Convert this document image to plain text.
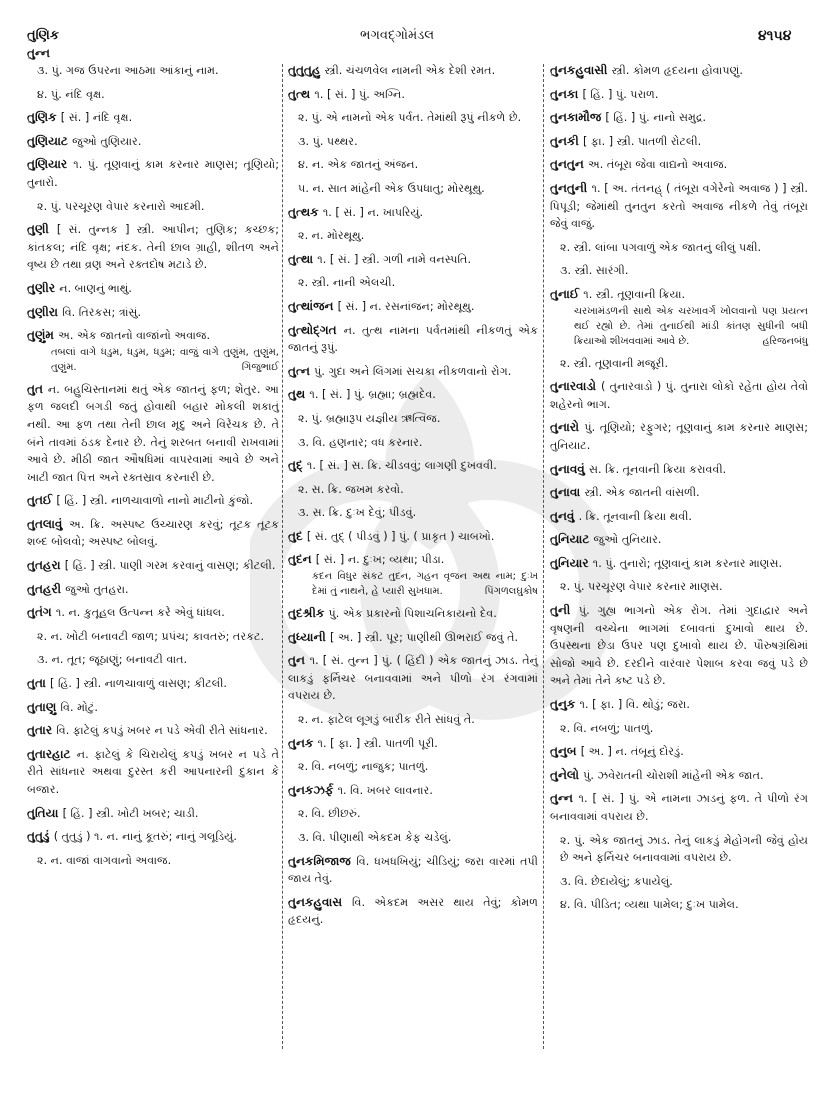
તુણિક	ભગવદ્ગોમંડલ	૪૧૫૪
તુન્ન
૩. પું. ગજ ઉપરના આઠમા આંકાનું નામ.
૪. પું. નંદિ વૃક્ષ.
તુણિક [ સં. ] નંદિ વૃક્ષ.
તુણિયાટ જુઓ તુણિયાર.
તુણિયાર ૧. પું. તૂણવાનું કામ કરનાર માણસ; તૂણિયો; તુનારો.
૨. પું. પરચૂરણ વેપાર કરનારો આદમી.
તુણી [ સં. તુન્નક ] સ્ત્રી. આપીન; તુણિક; કચ્છક; કાંતકલ; નંદિ વૃક્ષ; નંદક. તેની છાલ ગ્રાહી, શીતળ અને વૃષ્ય છે તથા વ્રણ અને રક્તદોષ મટાડે છે.
તુણીર ન. બાણનું ભાથું.
તુણીરા વિ. તિરકસ; ત્રાંસું.
તુણુંમ અ. એક જાતનો વાજાંનો અવાજ.
તબલાં વાગે ધડુમ, ધડુમ, ધડુમ; વાજું વાગે તુણુંમ, તુણુંમ, તુણુંમ.	ગિજુભાઈ
તુત ન. બહુચિસ્તાનમાં થતું એક જાતનું ફળ; શેતુર. આ ફળ જલદી બગડી જતું હોવાથી બહાર મોકલી શકાતું નથી. આ ફળ તથા તેની છાલ મૃદુ અને વિરેચક છે. તે બંને તાવમાં ઠંડક દેનાર છે. તેનું શરબત બનાવી રાખવામાં આવે છે. મીઠી જાત ઔષધિમાં વાપરવામાં આવે છે અને ખાટી જાત પિત્ત અને રક્તસ્રાવ કરનારી છે.
તુતઈ [ હિં. ] સ્ત્રી. નાળચાવાળો નાનો માટીનો કુંજો.
તુતલાવું અ. ક્રિ. અસ્પષ્ટ ઉચ્ચારણ કરવું; તૂટક તૂટક શબ્દ બોલવો; અસ્પષ્ટ બોલવું.
તુતહરા [ હિં. ] સ્ત્રી. પાણી ગરમ કરવાનું વાસણ; કીટલી.
તુતહરી જુઓ તુતહરા.
તુતંગ ૧. ન. કુતૂહલ ઉત્પન્ન કરે એવું ધાંધલ.
૨. ન. ખોટી બનાવટી જાળ; પ્રપંચ; કાવતરું; તરકટ.
૩. ન. તૂત; જૂઠાણું; બનાવટી વાત.
તુતા [ હિં. ] સ્ત્રી. નાળચાવાળું વાસણ; કીટલી.
તુતાણુ વિ. મોટું.
તુતાર વિ. ફાટેલું કપડું ખબર ન પડે એવી રીતે સાંધનાર.
તુતારહાટ ન. ફાટેલું કે ચિરાયેલું કપડું ખબર ન પડે તે રીતે સાંધનાર અથવા દુરસ્ત કરી આપનારની દુકાન કે બજાર.
તુતિયા [ હિં. ] સ્ત્રી. ખોટી ખબર; ચાડી.
તુતુડું ( તુતુડું ) ૧. ન. નાનું કૂતરું; નાનું ગલૂડિયું.
૨. ન. વાજાં વાગવાનો અવાજ.
તુતુતુહુ સ્ત્રી. ચંચળવેલ નામની એક દેશી રમત.
તુત્થ ૧. [ સં. ] પું. અગ્નિ.
૨. પું. એ નામનો એક પર્વત. તેમાંથી રૂપું નીકળે છે.
૩. પું. પથ્થર.
૪. ન. એક જાતનું અંજન.
૫. ન. સાત માંહેની એક ઉપધાતુ; મોરથૂથુ.
તુત્થક ૧. [ સં. ] ન. ખાપરિયું.
૨. ન. મોરથૂથુ.
તુત્થા ૧. [ સં. ] સ્ત્રી. ગળી નામે વનસ્પતિ.
૨. સ્ત્રી. નાની એલચી.
તુત્થાંજન [ સં. ] ન. રસનાંજન; મોરથૂથુ.
તુત્થોદ્ગત ન. તુત્થ નામના પર્વતમાંથી નીકળતું એક જાતનું રૂપું.
તુત્ન પું. ગુદા અને લિંગમાં સચકા નીકળવાનો રોગ.
તુથ ૧. [ સં. ] પું. બ્રહ્મા; બ્રહ્મદેવ.
૨. પું. બ્રહ્મારૂપ યજ્ઞીય ઋત્વિજ.
૩. વિ. હણનાર; વધ કરનાર.
તુદ્ ૧. [ સં. ] સ. ક્રિ. ચીડવવું; લાગણી દુખવવી.
૨. સ. ક્રિ. જખમ કરવો.
૩. સ. ક્રિ. દુઃખ દેવું; પીડવું.
તુદ [ સં. તુદ્ ( પીડવું ) ] પું. ( પ્રાકૃત ) ચાબખો.
તુદન [ સં. ] ન. દુઃખ; વ્યથા; પીડા.
કદન વિધુર સંકટ તુદન, ગહન વૃજન અથ નામ; દુઃખ દેમાં તું નાથને, હે પ્યારી સુખધામ.	પિંગળલઘુકોષ
તુદશ્રીક પું. એક પ્રકારનો પિશાચનિકાયનો દેવ.
તુધ્યાની [ અ. ] સ્ત્રી. પૂર; પાણીથી ઊભરાઈ જવું તે.
તુન ૧. [ સં. તુન્ન ] પું. ( હિંદી ) એક જાતનું ઝાડ. તેનું લાકડું ફર્નિચર બનાવવામાં અને પીળો રંગ રંગવામાં વપરાય છે.
૨. ન. ફાટેલ લૂગડું બારીક રીતે સાંધવું તે.
તુનક ૧. [ ફા. ] સ્ત્રી. પાતળી પૂરી.
૨. વિ. નબળું; નાજુક; પાતળું.
તુનકઝર્ફ ૧. વિ. ખબર લાવનાર.
૨. વિ. છીછરું.
૩. વિ. પીણાથી એકદમ કેફ ચડેલું.
તુનકમિજાજ વિ. ધખધખિયું; ચીડિયું; જરા વારમાં તપી જાય તેવું.
તુનકહુવાસ વિ. એકદમ અસર થાય તેવું; કોમળ હૃદયનું.
તુનકહુવાસી સ્ત્રી. કોમળ હૃદયના હોવાપણું.
તુનકા [ હિં. ] પું. પરાળ.
તુનકામૌજ [ હિં. ] પું. નાનો સમુદ્ર.
તુનકી [ ફા. ] સ્ત્રી. પાતળી રોટલી.
તુનતુન અ. તંબૂરા જેવા વાદ્યનો અવાજ.
તુનતુની ૧. [ અ. તંતનહ્ ( તંબૂરા વગેરેનો અવાજ ) ] સ્ત્રી. પિપૂડી; જેમાંથી તુનતુન કરતો અવાજ નીકળે તેવું તંબૂરા જેવું વાજું.
૨. સ્ત્રી. લાંબા પગવાળું એક જાતનું લીલું પક્ષી.
૩. સ્ત્રી. સારંગી.
તુનાઈ ૧. સ્ત્રી. તૂણવાની ક્રિયા.
ચરખામંડળની સાથે એક ચરખાવર્ગ ખોલવાનો પણ પ્રયત્ન થઈ રહ્યો છે. તેમાં તુનાઈથી માંડી કાંતણ સુધીની બધી ક્રિયાઓ શીખવવામાં આવે છે.	હરિજનબંધુ
૨. સ્ત્રી. તૂણવાની મજૂરી.
તુનારવાડો ( તુનારવાડો ) પું. તુનારા લોકો રહેતા હોય તેવો શહેરનો ભાગ.
તુનારો પું. તૂણિયો; રફુગર; તૂણવાનું કામ કરનાર માણસ; તુનિયાટ.
તુનાવવું સ. ક્રિ. તૂનવાની ક્રિયા કરાવવી.
તુનાવા સ્ત્રી. એક જાતની વાંસળી.
તુનવું . ક્રિ. તૂનવાની ક્રિયા થવી.
તુનિયાટ જુઓ તુનિયાર.
તુનિયાર ૧. પું. તુનારો; તૂણવાનું કામ કરનાર માણસ.
૨. પું. પરચૂરણ વેપાર કરનાર માણસ.
તુની પું. ગુહ્ય ભાગનો એક રોગ. તેમાં ગુદાદ્વાર અને વૃષણની વચ્ચેના ભાગમાં દબાવતાં દુખાવો થાય છે. ઉપસ્થના છેડા ઉપર પણ દુખાવો થાય છે. પૌરુષગ્રંથિમાં સોજો આવે છે. દરદીને વારંવાર પેશાબ કરવા જવું પડે છે અને તેમાં તેને કષ્ટ પડે છે.
તુનુક ૧. [ ફા. ] વિ. થોડું; જરા.
૨. વિ. નબળું; પાતળું.
તુનુબ [ અ. ] ન. તંબૂનું દોરડું.
તુનેલો પું. ઝવેરાતની ચોરાશી માંહેની એક જાત.
તુન્ન ૧. [ સં. ] પું. એ નામના ઝાડનું ફળ. તે પીળો રંગ બનાવવામાં વપરાય છે.
૨. પું. એક જાતનું ઝાડ. તેનું લાકડું મેહોગની જેવું હોય છે અને ફર્નિચર બનાવવામાં વપરાય છે.
૩. વિ. છેદાયેલું; કપાયેલું.
૪. વિ. પીડિત; વ્યથા પામેલ; દુઃખ પામેલ.
